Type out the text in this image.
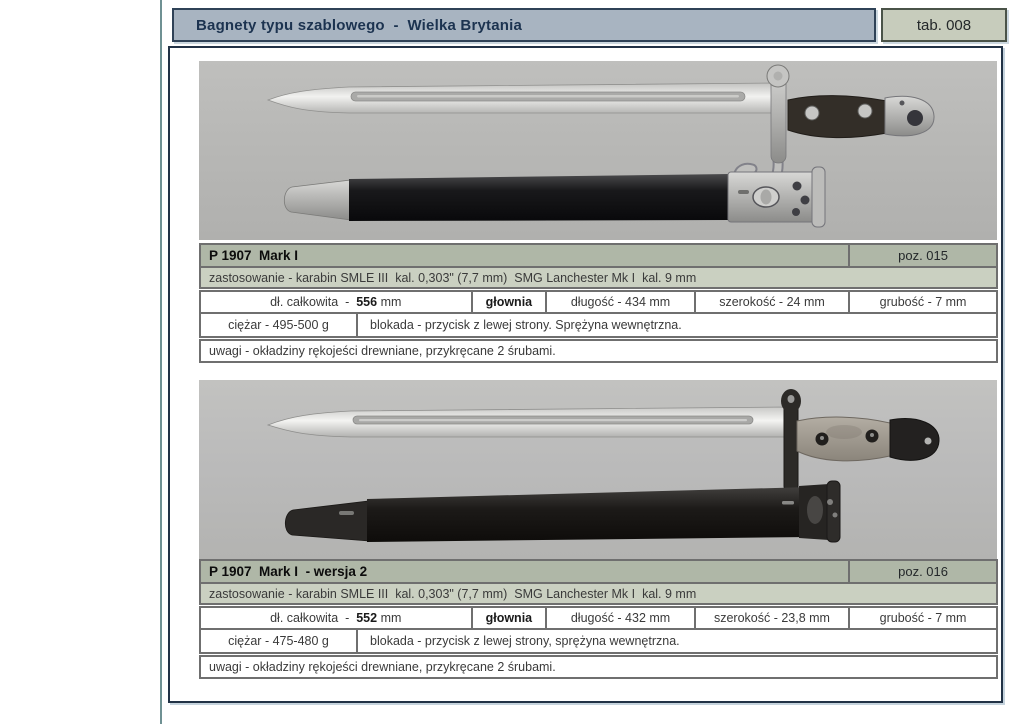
Bagnety typu szablowego  -  Wielka Brytania	tab. 008
P 1907  Mark I	poz. 015
zastosowanie - karabin SMLE III  kal. 0,303" (7,7 mm)  SMG Lanchester Mk I  kal. 9 mm
dł. całkowita  - 556 mm	głownia	długość - 434 mm	szerokość - 24 mm	grubość - 7 mm
ciężar - 495-500 g	blokada - przycisk z lewej strony. Sprężyna wewnętrzna.
uwagi - okładziny rękojeści drewniane, przykręcane 2 śrubami.
P 1907  Mark I  - wersja 2	poz. 016
zastosowanie - karabin SMLE III  kal. 0,303" (7,7 mm)  SMG Lanchester Mk I  kal. 9 mm
dł. całkowita  - 552 mm	głownia	długość - 432 mm	szerokość - 23,8 mm	grubość - 7 mm
ciężar - 475-480 g	blokada - przycisk z lewej strony, sprężyna wewnętrzna.
uwagi - okładziny rękojeści drewniane, przykręcane 2 śrubami.
